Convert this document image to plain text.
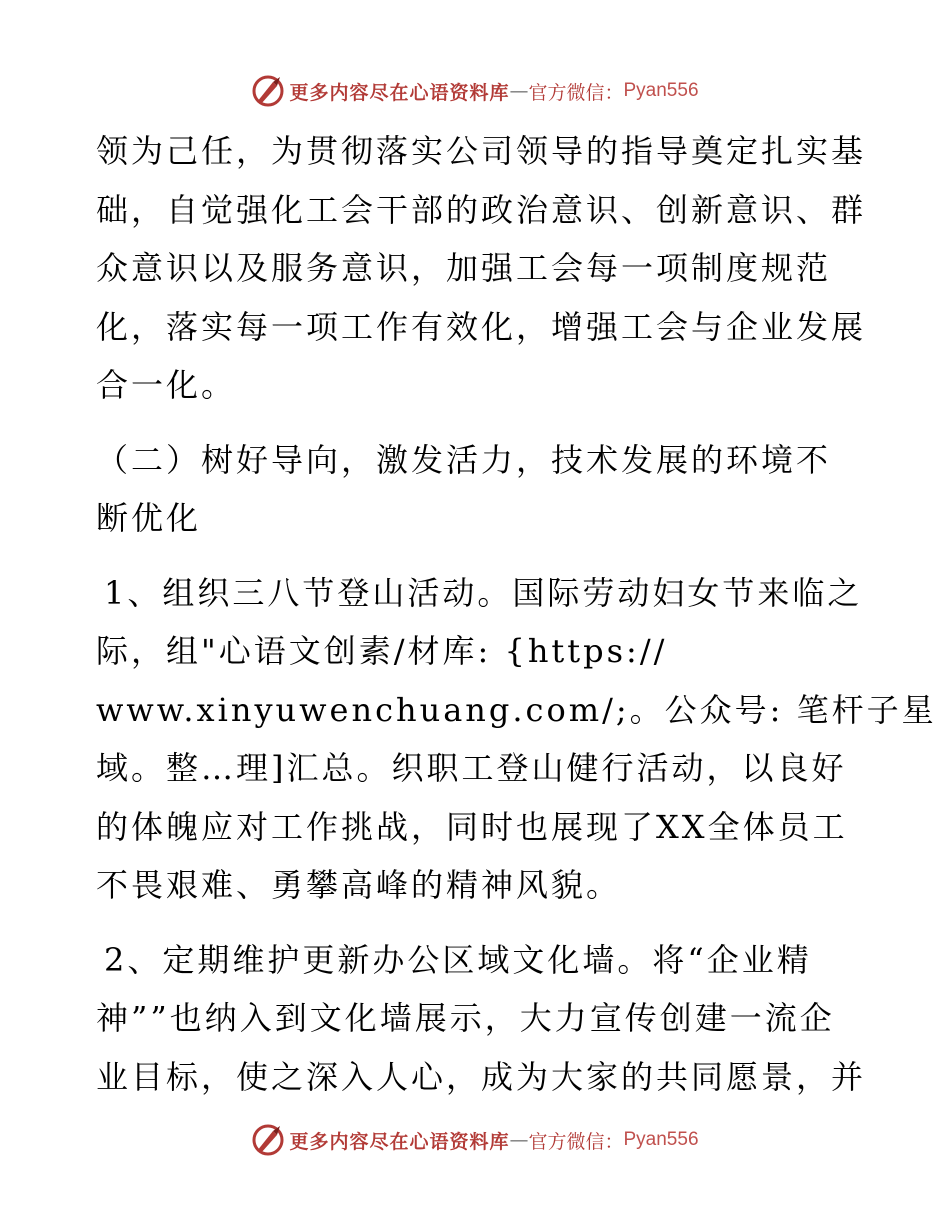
更多内容尽在心语资料库 — 官方微信： Pyan556

领为己任，为贯彻落实公司领导的指导奠定扎实基
础，自觉强化工会干部的政治意识、创新意识、群
众意识以及服务意识，加强工会每一项制度规范
化，落实每一项工作有效化，增强工会与企业发展
合一化。

（二）树好导向，激发活力，技术发展的环境不
断优化

1、组织三八节登山活动。国际劳动妇女节来临之
际，组"心语文创素/材库: {https://
www.xinyuwenchuang.com/;。公众号: 笔杆子星
域。整…理]汇总。织职工登山健行活动，以良好
的体魄应对工作挑战，同时也展现了XX全体员工
不畏艰难、勇攀高峰的精神风貌。

2、定期维护更新办公区域文化墙。将“企业精
神””也纳入到文化墙展示，大力宣传创建一流企
业目标，使之深入人心，成为大家的共同愿景，并

更多内容尽在心语资料库 — 官方微信： Pyan556
